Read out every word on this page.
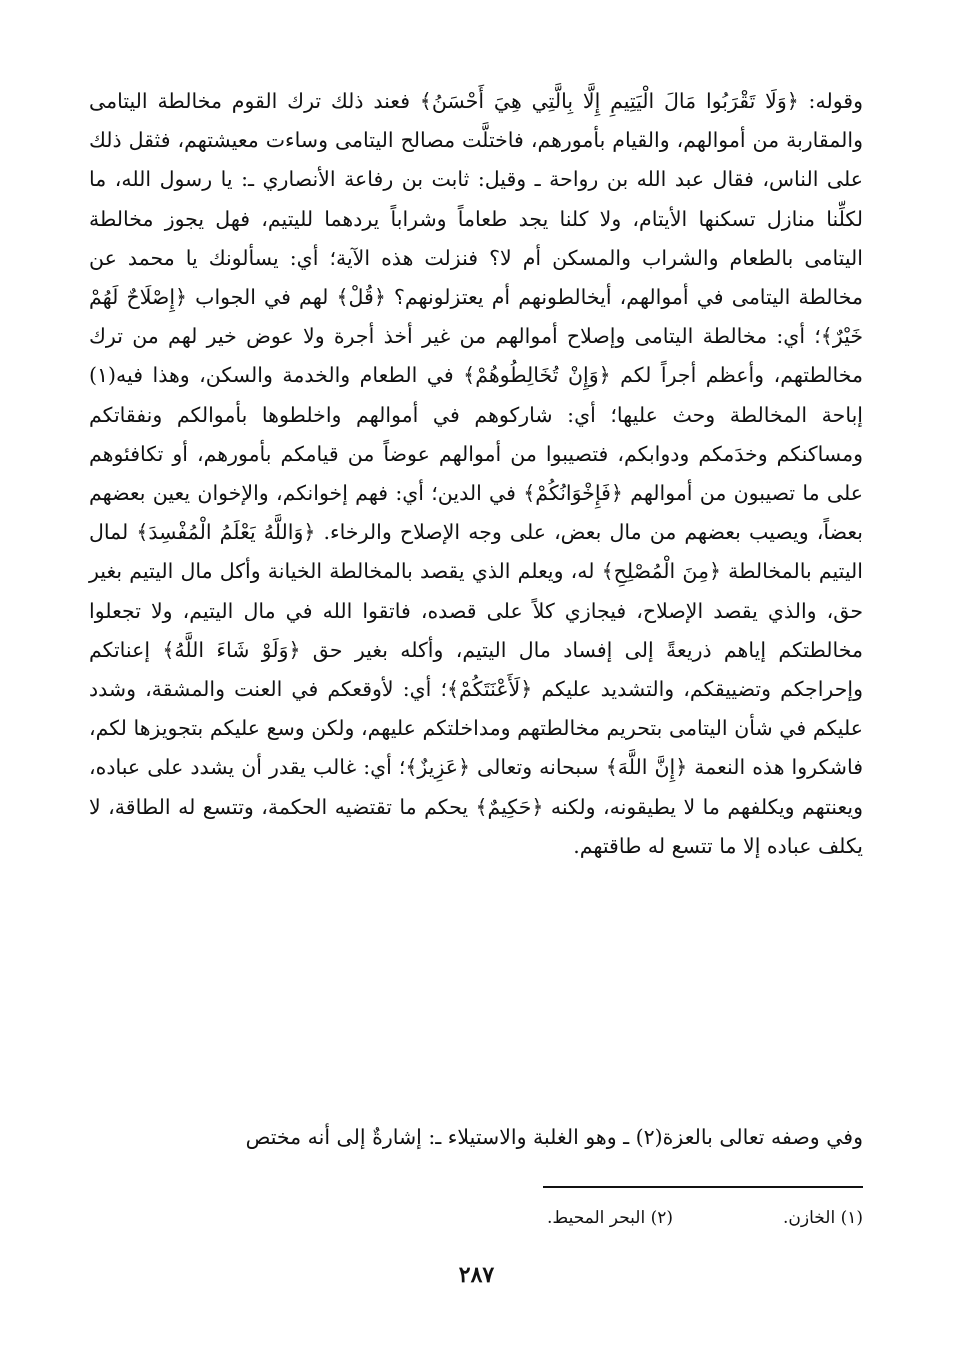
وقوله: ﴿وَلَا تَقْرَبُوا مَالَ الْيَتِيمِ إِلَّا بِالَّتِي هِيَ أَحْسَنُ﴾ فعند ذلك ترك القوم مخالطة اليتامى والمقاربة من أموالهم، والقيام بأمورهم، فاختلَّت مصالح اليتامى وساءت معيشتهم، فثقل ذلك على الناس، فقال عبد الله بن رواحة ـ وقيل: ثابت بن رفاعة الأنصاري ـ: يا رسول الله، ما لكلِّنا منازل تسكنها الأيتام، ولا كلنا يجد طعاماً وشراباً يردهما لليتيم، فهل يجوز مخالطة اليتامى بالطعام والشراب والمسكن أم لا؟ فنزلت هذه الآية؛ أي: يسألونك يا محمد عن مخالطة اليتامى في أموالهم، أيخالطونهم أم يعتزلونهم؟ ﴿قُلْ﴾ لهم في الجواب ﴿إِصْلَاحٌ لَهُمْ خَيْرٌ﴾؛ أي: مخالطة اليتامى وإصلاح أموالهم من غير أخذ أجرة ولا عوض خير لهم من ترك مخالطتهم، وأعظم أجراً لكم ﴿وَإِنْ تُخَالِطُوهُمْ﴾ في الطعام والخدمة والسكن، وهذا فيه(١) إباحة المخالطة وحث عليها؛ أي: شاركوهم في أموالهم واخلطوها بأموالكم ونفقاتكم ومساكنكم وخدَمكم ودوابكم، فتصيبوا من أموالهم عوضاً من قيامكم بأمورهم، أو تكافئوهم على ما تصيبون من أموالهم ﴿فَإِخْوَانُكُمْ﴾ في الدين؛ أي: فهم إخوانكم، والإخوان يعين بعضهم بعضاً، ويصيب بعضهم من مال بعض، على وجه الإصلاح والرخاء. ﴿وَاللَّهُ يَعْلَمُ الْمُفْسِدَ﴾ لمال اليتيم بالمخالطة ﴿مِنَ الْمُصْلِحِ﴾ له، ويعلم الذي يقصد بالمخالطة الخيانة وأكل مال اليتيم بغير حق، والذي يقصد الإصلاح، فيجازي كلاً على قصده، فاتقوا الله في مال اليتيم، ولا تجعلوا مخالطتكم إياهم ذريعةً إلى إفساد مال اليتيم، وأكله بغير حق ﴿وَلَوْ شَاءَ اللَّهُ﴾ إعناتكم وإحراجكم وتضييقكم، والتشديد عليكم ﴿لَأَعْنَتَكُمْ﴾؛ أي: لأوقعكم في العنت والمشقة، وشدد عليكم في شأن اليتامى بتحريم مخالطتهم ومداخلتكم عليهم، ولكن وسع عليكم بتجويزها لكم، فاشكروا هذه النعمة ﴿إِنَّ اللَّهَ﴾ سبحانه وتعالى ﴿عَزِيزٌ﴾؛ أي: غالب يقدر أن يشدد على عباده، ويعنتهم ويكلفهم ما لا يطيقونه، ولكنه ﴿حَكِيمٌ﴾ يحكم ما تقتضيه الحكمة، وتتسع له الطاقة، لا يكلف عباده إلا ما تتسع له طاقتهم.

وفي وصفه تعالى بالعزة(٢) ـ وهو الغلبة والاستيلاء ـ: إشارةٌ إلى أنه مختص

(١) الخازن.
(٢) البحر المحيط.
٢٨٧
